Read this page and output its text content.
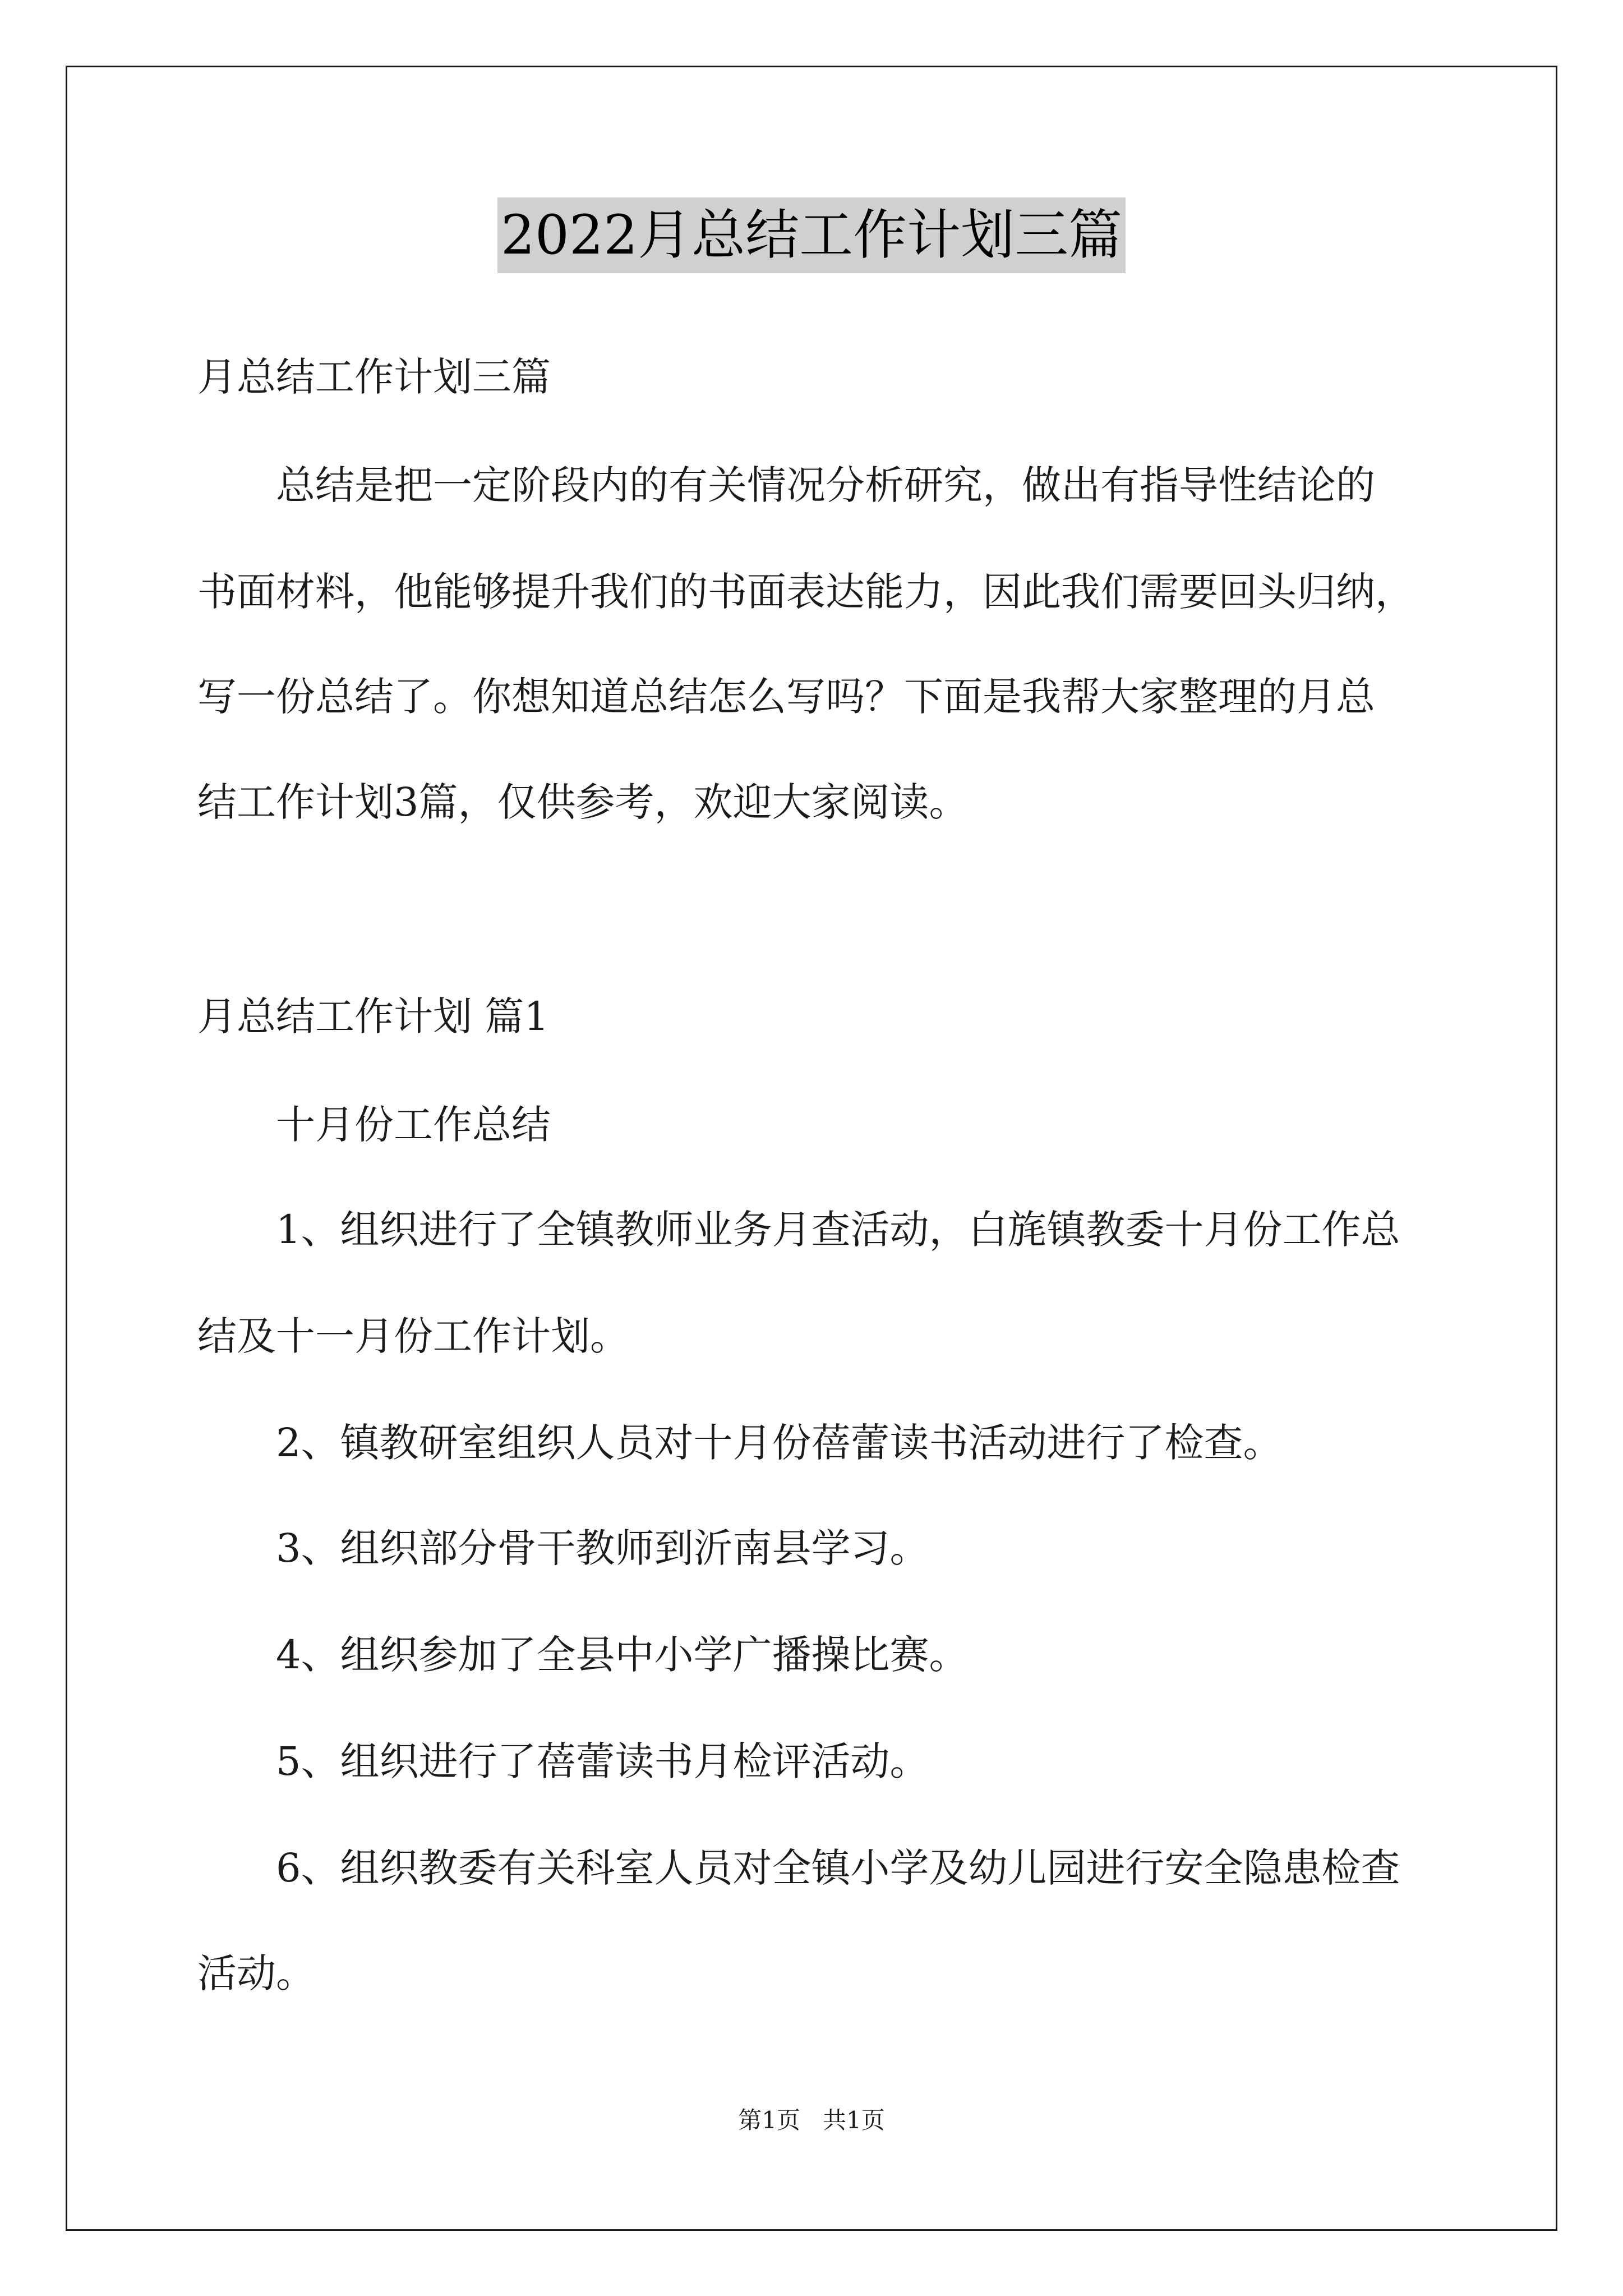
2022月总结工作计划三篇
月总结工作计划三篇
总结是把一定阶段内的有关情况分析研究，做出有指导性结论的
书面材料，他能够提升我们的书面表达能力，因此我们需要回头归纳，
写一份总结了。你想知道总结怎么写吗？下面是我帮大家整理的月总
结工作计划3篇，仅供参考，欢迎大家阅读。
月总结工作计划 篇1
十月份工作总结
1、组织进行了全镇教师业务月查活动，白旄镇教委十月份工作总
结及十一月份工作计划。
2、镇教研室组织人员对十月份蓓蕾读书活动进行了检查。
3、组织部分骨干教师到沂南县学习。
4、组织参加了全县中小学广播操比赛。
5、组织进行了蓓蕾读书月检评活动。
6、组织教委有关科室人员对全镇小学及幼儿园进行安全隐患检查
活动。
第1页   共1页
